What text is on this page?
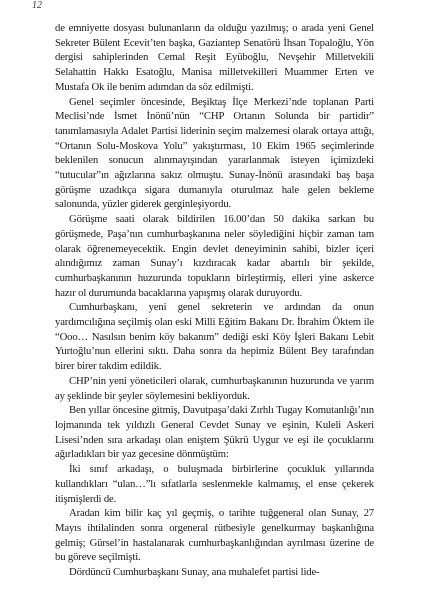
12

de emniyette dosyası bulunanların da olduğu yazılmış; o arada yeni Genel Sekreter Bülent Ecevit’ten başka, Gaziantep Senatörü İhsan Topaloğlu, Yön dergisi sahiplerinden Cemal Reşit Eyüboğlu, Nevşehir Milletvekili Selahattin Hakkı Esatoğlu, Manisa milletvekilleri Muammer Erten ve Mustafa Ok ile benim adımdan da söz edilmişti.

Genel seçimler öncesinde, Beşiktaş İlçe Merkezi’nde toplanan Parti Meclisi’nde İsmet İnönü’nün “CHP Ortanın Solunda bir partidir” tanımlamasıyla Adalet Partisi liderinin seçim malzemesi olarak ortaya attığı, “Ortanın Solu-Moskova Yolu” yakıştırması, 10 Ekim 1965 seçimlerinde beklenilen sonucun alınmayışından yararlanmak isteyen içimizdeki “tutucular”ın ağızlarına sakız olmuştu. Sunay-İnönü arasındaki baş başa görüşme uzadıkça sigara dumanıyla oturulmaz hale gelen bekleme salonunda, yüzler giderek gerginleşiyordu.

Görüşme saati olarak bildirilen 16.00’dan 50 dakika sarkan bu görüşmede, Paşa’nın cumhurbaşkanına neler söylediğini hiçbir zaman tam olarak öğrenemeyecektik. Engin devlet deneyiminin sahibi, bizler içeri alındığımız zaman Sunay’ı kızdıracak kadar abartılı bir şekilde, cumhurbaşkanının huzurunda topukların birleştirmiş, elleri yine askerce hazır ol durumunda bacaklarına yapışmış olarak duruyordu.

Cumhurbaşkanı, yeni genel sekreterin ve ardından da onun yardımcılığına seçilmiş olan eski Milli Eğitim Bakanı Dr. İbrahim Öktem ile “Ooo… Nasılsın benim köy bakanım” dediği eski Köy İşleri Bakanı Lebit Yurtoğlu’nun ellerini sıktı. Daha sonra da hepimiz Bülent Bey tarafından birer birer takdim edildik.

CHP’nin yeni yöneticileri olarak, cumhurbaşkanının huzurunda ve yarım ay şeklinde bir şeyler söylemesini bekliyorduk.

Ben yıllar öncesine gitmiş, Davutpaşa’daki Zırhlı Tugay Komutanlığı’nın lojmanında tek yıldızlı General Cevdet Sunay ve eşinin, Kuleli Askeri Lisesi’nden sıra arkadaşı olan eniştem Şükrü Uygur ve eşi ile çocuklarını ağırladıkları bir yaz gecesine dönmüştüm:

İki sınıf arkadaşı, o buluşmada birbirlerine çocukluk yıllarında kullandıkları “ulan…”lı sıfatlarla seslenmekle kalmamış, el ense çekerek itişmişlerdi de.

Aradan kim bilir kaç yıl geçmiş, o tarihte tuğgeneral olan Sunay, 27 Mayıs ihtilalinden sonra orgeneral rütbesiyle genelkurmay başkanlığına gelmiş; Gürsel’in hastalanarak cumhurbaşkanlığından ayrılması üzerine de bu göreve seçilmişti.

Dördüncü Cumhurbaşkanı Sunay, ana muhalefet partisi lide-
